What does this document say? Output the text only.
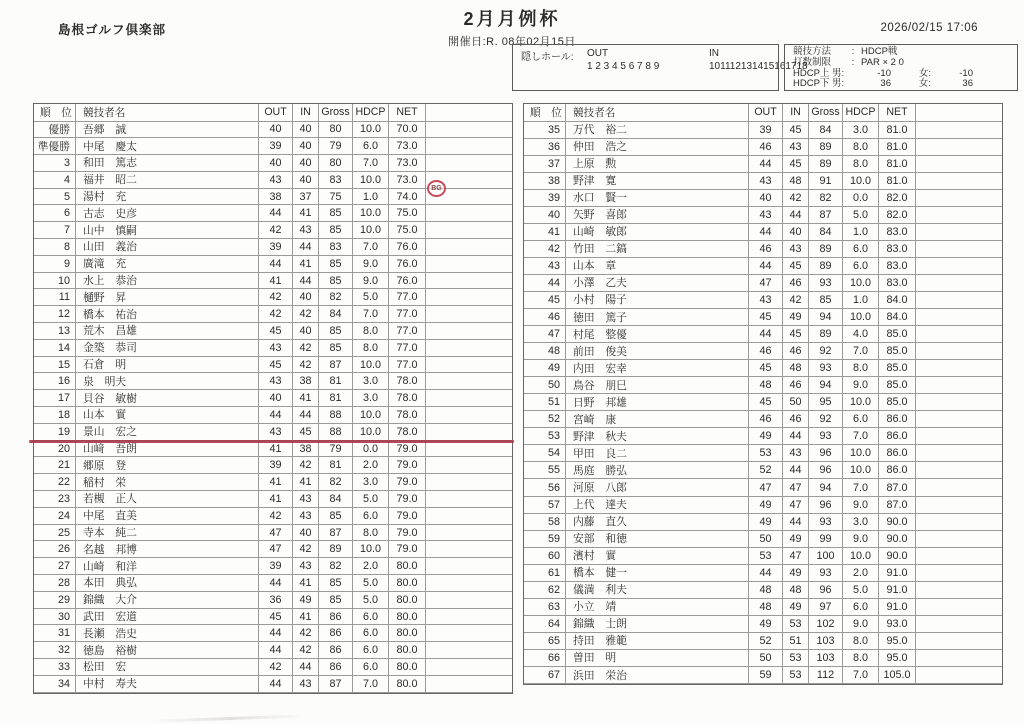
島根ゴルフ倶楽部
2月月例杯
開催日:R. 08年02月15日
2026/02/15 17:06
隠しホール:	OUT	IN
1 2 3 4 5 6 7 8 9	101112131415161718
競技方法 : HDCP戦
打数制限 : PAR × 2 0
HDCP上 男:	-10	女:	-10
HDCP下 男:	36	女:	36
順　位	競技者名	OUT	IN Gross HDCP	NET
優勝	吾郷　誠	40	40	80	10.0	70.0
準優勝	中尾　慶太	39	40	79	6.0	73.0
3	和田　篤志	40	40	80	7.0	73.0
4	福井　昭二	43	40	83	10.0	73.0
5	湯村　充	38	37	75	1.0	74.0
BG
6	古志　史彦	44	41	85	10.0	75.0
7	山中　慎嗣	42	43	85	10.0	75.0
8	山田　義治	39	44	83	7.0	76.0
9	廣滝　充	44	41	85	9.0	76.0
10	水上　恭治	41	44	85	9.0	76.0
11	樋野　昇	42	40	82	5.0	77.0
12	橋本　祐治	42	42	84	7.0	77.0
13	荒木　昌雄	45	40	85	8.0	77.0
14	金築　恭司	43	42	85	8.0	77.0
15	石倉　明	45	42	87	10.0	77.0
16	泉　明夫	43	38	81	3.0	78.0
17	貝谷　敏樹	40	41	81	3.0	78.0
18	山本　實	44	44	88	10.0	78.0
19	景山　宏之	43	45	88	10.0	78.0
20	山﨑　吾朗	41	38	79	0.0	79.0
21	郷原　登	39	42	81	2.0	79.0
22	稲村　栄	41	41	82	3.0	79.0
23	若槻　正人	41	43	84	5.0	79.0
24	中尾　直美	42	43	85	6.0	79.0
25	寺本　純二	47	40	87	8.0	79.0
26	名越　邦博	47	42	89	10.0	79.0
27	山崎　和洋	39	43	82	2.0	80.0
28	本田　典弘	44	41	85	5.0	80.0
29	錦織　大介	36	49	85	5.0	80.0
30	武田　宏道	45	41	86	6.0	80.0
31	長瀬　浩史	44	42	86	6.0	80.0
32	徳島　裕樹	44	42	86	6.0	80.0
33	松田　宏	42	44	86	6.0	80.0
34	中村　寿夫	44	43	87	7.0	80.0
順　位	競技者名	OUT	IN Gross HDCP	NET
35	万代　裕二	39	45	84	3.0	81.0
36	仲田　浩之	46	43	89	8.0	81.0
37	上原　勲	44	45	89	8.0	81.0
38	野津　寛	43	48	91	10.0	81.0
39	水口　賢一	40	42	82	0.0	82.0
40	矢野　喜郎	43	44	87	5.0	82.0
41	山崎　敏郎	44	40	84	1.0	83.0
42	竹田　二鎬	46	43	89	6.0	83.0
43	山本　章	44	45	89	6.0	83.0
44	小澤　乙夫	47	46	93	10.0	83.0
45	小村　陽子	43	42	85	1.0	84.0
46	徳田　篤子	45	49	94	10.0	84.0
47	村尾　整優	44	45	89	4.0	85.0
48	前田　俊美	46	46	92	7.0	85.0
49	内田　宏幸	45	48	93	8.0	85.0
50	鳥谷　朋巳	48	46	94	9.0	85.0
51	日野　邦雄	45	50	95	10.0	85.0
52	宮崎　康	46	46	92	6.0	86.0
53	野津　秋夫	49	44	93	7.0	86.0
54	甲田　良二	53	43	96	10.0	86.0
55	馬庭　勝弘	52	44	96	10.0	86.0
56	河原　八郎	47	47	94	7.0	87.0
57	上代　達夫	49	47	96	9.0	87.0
58	内藤　直久	49	44	93	3.0	90.0
59	安部　和徳	50	49	99	9.0	90.0
60	濱村　實	53	47	100	10.0	90.0
61	橋本　健一	44	49	93	2.0	91.0
62	儀満　利夫	48	48	96	5.0	91.0
63	小立　靖	48	49	97	6.0	91.0
64	錦織　士朗	49	53	102	9.0	93.0
65	持田　雅範	52	51	103	8.0	95.0
66	曽田　明	50	53	103	8.0	95.0
67	浜田　栄治	59	53	112	7.0	105.0
